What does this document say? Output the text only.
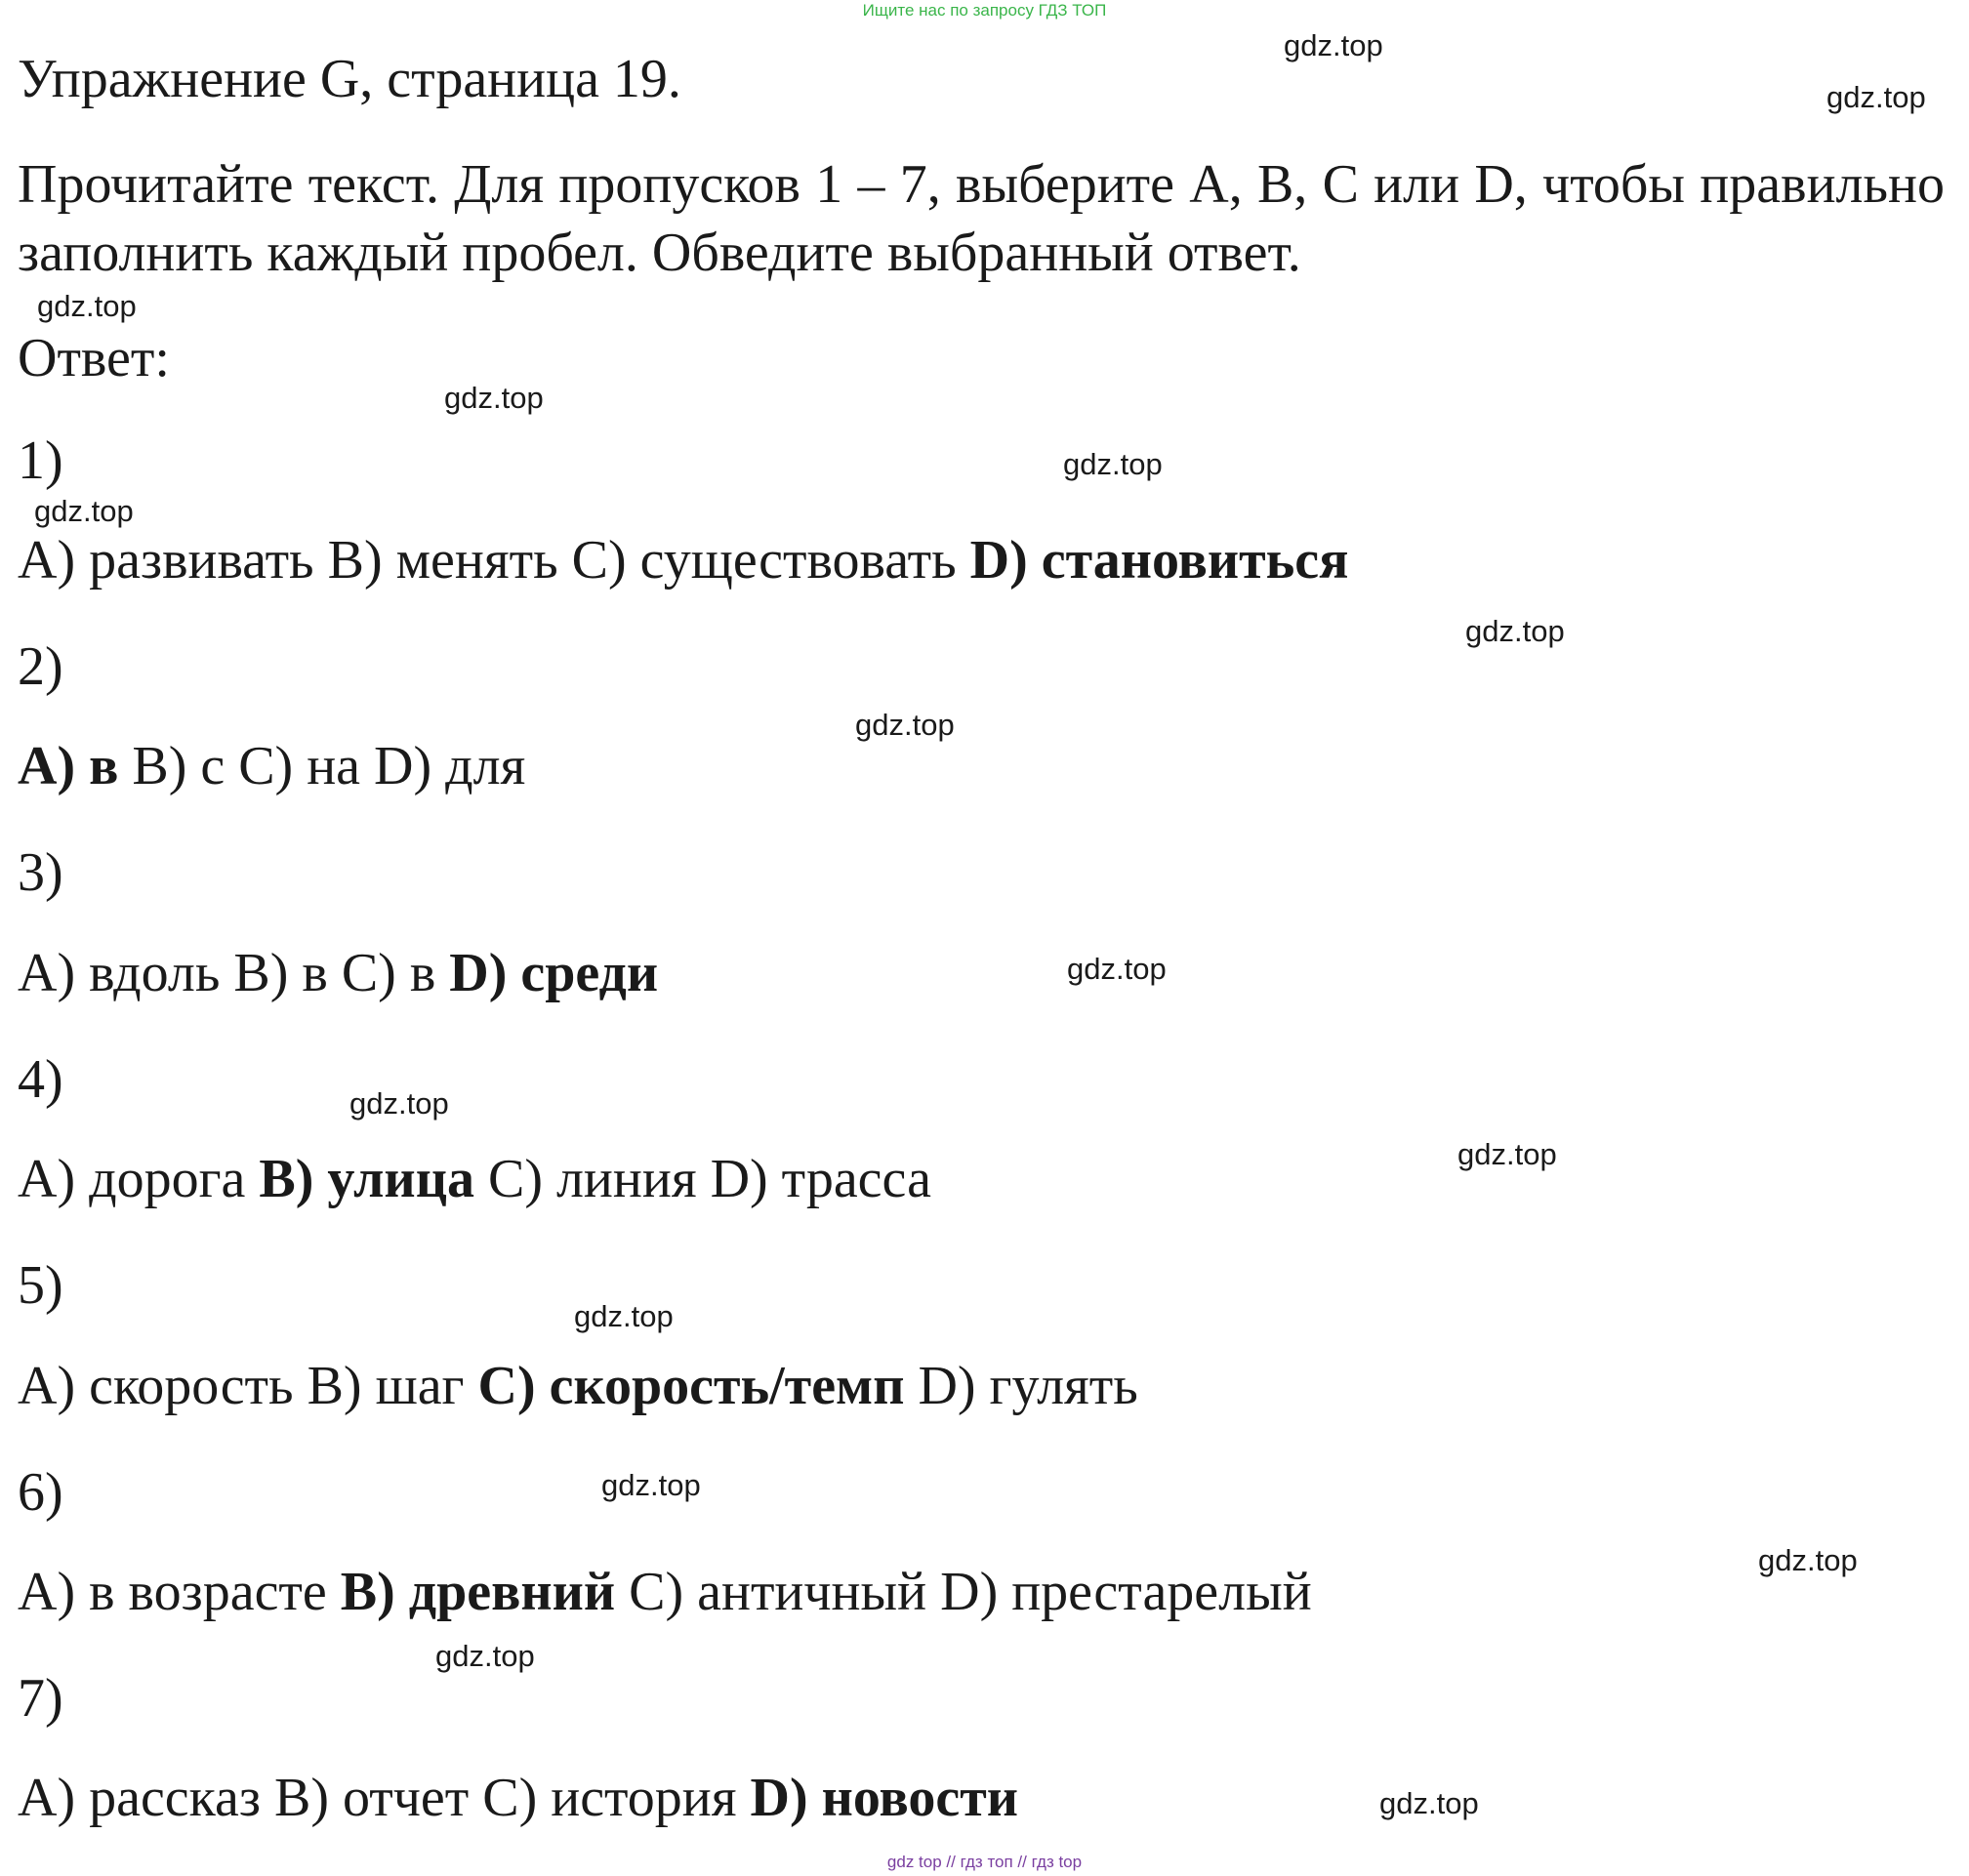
Ищите нас по запросу ГДЗ ТОП
Упражнение G, страница 19.
Прочитайте текст. Для пропусков 1 – 7, выберите A, B, C или D, чтобы правильно заполнить каждый пробел. Обведите выбранный ответ.
Ответ:
1)
A) развивать B) менять C) существовать D) становиться
2)
A) в B) с C) на D) для
3)
A) вдоль B) в C) в D) среди
4)
A) дорога B) улица C) линия D) трасса
5)
A) скорость B) шаг C) скорость/темп D) гулять
6)
A) в возрасте B) древний C) античный D) престарелый
7)
A) рассказ B) отчет C) история D) новости
gdz.top
gdz.top
gdz.top
gdz.top
gdz.top
gdz.top
gdz.top
gdz.top
gdz.top
gdz.top
gdz.top
gdz.top
gdz.top
gdz.top
gdz.top
gdz.top
gdz top // гдз топ // гдз top
